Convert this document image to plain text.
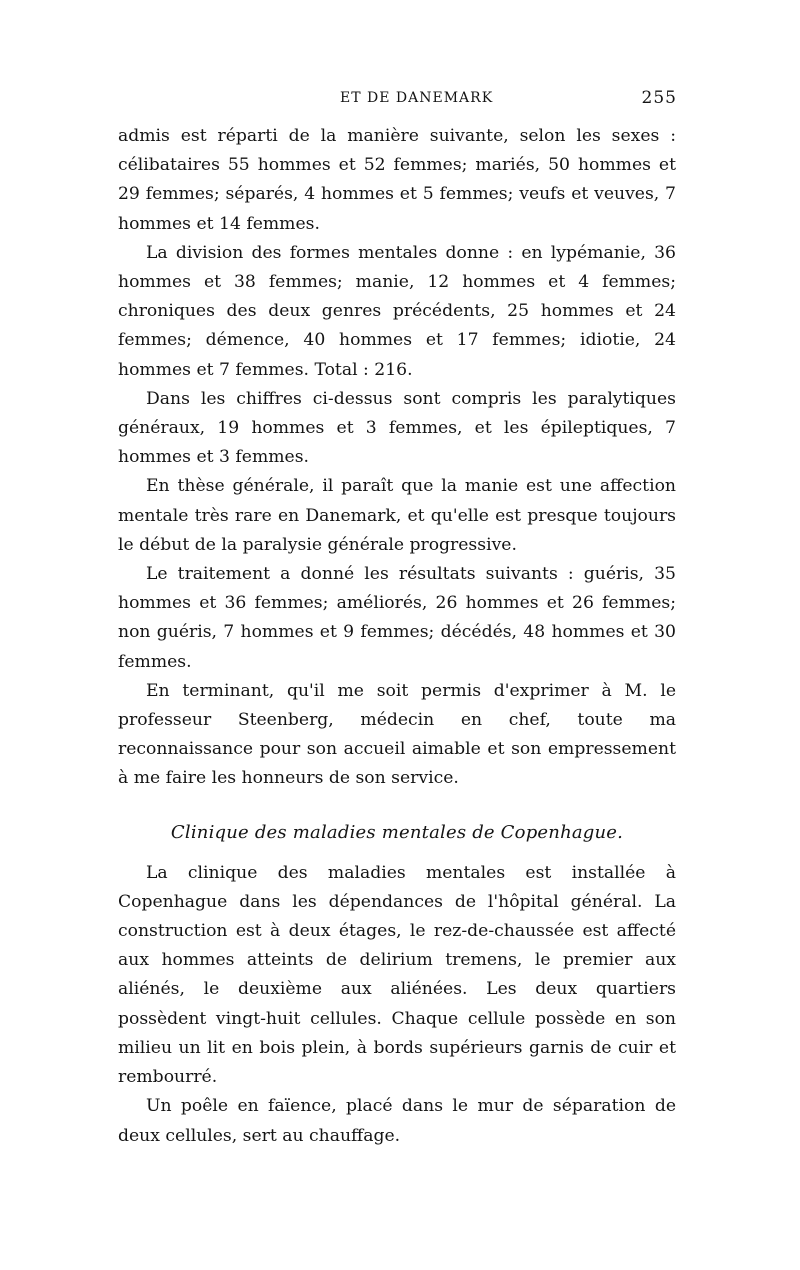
ET DE DANEMARK	255

admis est réparti de la manière suivante, selon les sexes : célibataires 55 hommes et 52 femmes; mariés, 50 hommes et 29 femmes; séparés, 4 hommes et 5 femmes; veufs et veuves, 7 hommes et 14 femmes.

La division des formes mentales donne : en lypémanie, 36 hommes et 38 femmes; manie, 12 hommes et 4 femmes; chroniques des deux genres précédents, 25 hommes et 24 femmes; démence, 40 hommes et 17 femmes; idiotie, 24 hommes et 7 femmes. Total : 216.

Dans les chiffres ci-dessus sont compris les paralytiques généraux, 19 hommes et 3 femmes, et les épileptiques, 7 hommes et 3 femmes.

En thèse générale, il paraît que la manie est une affection mentale très rare en Danemark, et qu'elle est presque toujours le début de la paralysie générale progressive.

Le traitement a donné les résultats suivants : guéris, 35 hommes et 36 femmes; améliorés, 26 hommes et 26 femmes; non guéris, 7 hommes et 9 femmes; décédés, 48 hommes et 30 femmes.

En terminant, qu'il me soit permis d'exprimer à M. le professeur Steenberg, médecin en chef, toute ma reconnaissance pour son accueil aimable et son empressement à me faire les honneurs de son service.

Clinique des maladies mentales de Copenhague.

La clinique des maladies mentales est installée à Copenhague dans les dépendances de l'hôpital général. La construction est à deux étages, le rez-de-chaussée est affecté aux hommes atteints de delirium tremens, le premier aux aliénés, le deuxième aux aliénées. Les deux quartiers possèdent vingt-huit cellules. Chaque cellule possède en son milieu un lit en bois plein, à bords supérieurs garnis de cuir et rembourré.

Un poêle en faïence, placé dans le mur de séparation de deux cellules, sert au chauffage.
